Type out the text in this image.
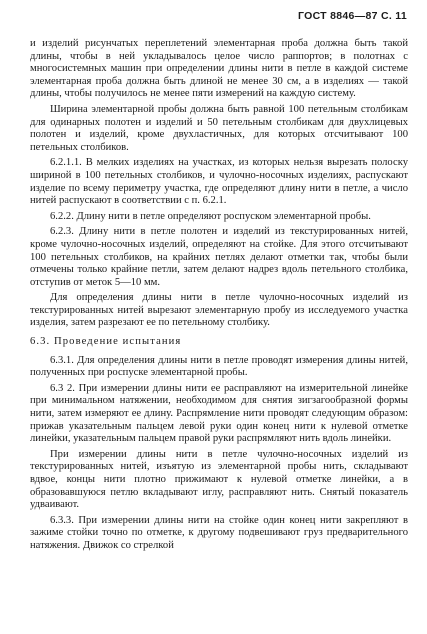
ГОСТ 8846—87 С. 11

и изделий рисунчатых переплетений элементарная проба должна быть такой длины, чтобы в ней укладывалось целое число раппортов; в полотнах с многосистемных машин при определении длины нити в петле в каждой системе элементарная проба должна быть длиной не менее 30 см, а в изделиях — такой длины, чтобы получилось не менее пяти измерений на каждую систему.

Ширина элементарной пробы должна быть равной 100 петельным столбикам для одинарных полотен и изделий и 50 петельным столбикам для двухлицевых полотен и изделий, кроме двухластичных, для которых отсчитывают 100 петельных столбиков.

6.2.1.1. В мелких изделиях на участках, из которых нельзя вырезать полоску шириной в 100 петельных столбиков, и чулочно-носочных изделиях, распускают изделие по всему периметру участка, где определяют длину нити в петле, а число нитей распускают в соответствии с п. 6.2.1.

6.2.2. Длину нити в петле определяют роспуском элементарной пробы.

6.2.3. Длину нити в петле полотен и изделий из текстурированных нитей, кроме чулочно-носочных изделий, определяют на стойке. Для этого отсчитывают 100 петельных столбиков, на крайних петлях делают отметки так, чтобы были отмечены только крайние петли, затем делают надрез вдоль петельного столбика, отступив от меток 5—10 мм.

Для определения длины нити в петле чулочно-носочных изделий из текстурированных нитей вырезают элементарную пробу из исследуемого участка изделия, затем разрезают ее по петельному столбику.

6.3. Проведение испытания

6.3.1. Для определения длины нити в петле проводят измерения длины нитей, полученных при роспуске элементарной пробы.

6.3 2. При измерении длины нити ее расправляют на измерительной линейке при минимальном натяжении, необходимом для снятия зигзагообразной формы нити, затем измеряют ее длину. Распрямление нити проводят следующим образом: прижав указательным пальцем левой руки один конец нити к нулевой отметке линейки, указательным пальцем правой руки распрямляют нить вдоль линейки.

При измерении длины нити в петле чулочно-носочных изделий из текстурированных нитей, изъятую из элементарной пробы нить, складывают вдвое, концы нити плотно прижимают к нулевой отметке линейки, а в образовавшуюся петлю вкладывают иглу, расправляют нить. Снятый показатель удваивают.

6.3.3. При измерении длины нити на стойке один конец нити закрепляют в зажиме стойки точно по отметке, к другому подвешивают груз предварительного натяжения. Движок со стрелкой
